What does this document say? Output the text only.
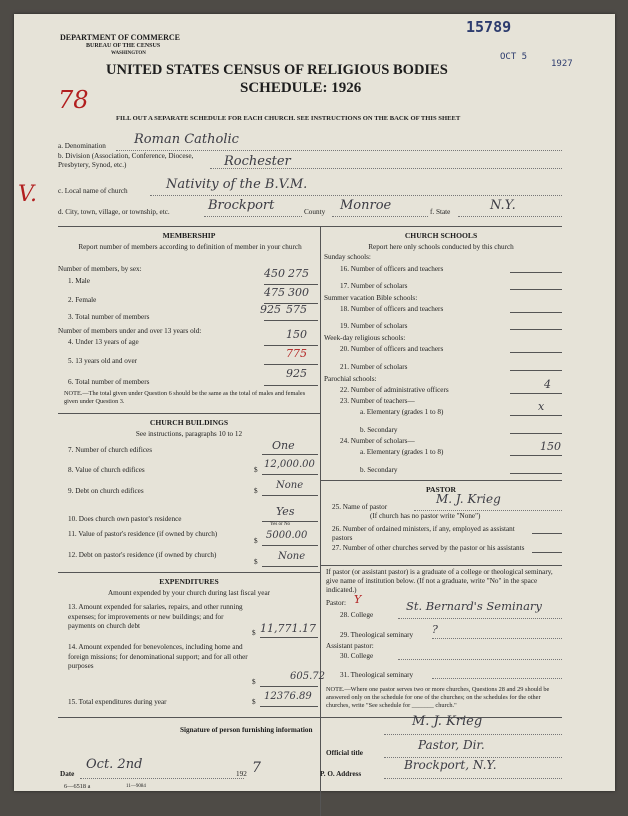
DEPARTMENT OF COMMERCE
BUREAU OF THE CENSUS
WASHINGTON
15789
OCT 5
1927
UNITED STATES CENSUS OF RELIGIOUS BODIES
SCHEDULE: 1926
78
FILL OUT A SEPARATE SCHEDULE FOR EACH CHURCH. SEE INSTRUCTIONS ON THE BACK OF THIS SHEET
a. Denomination Roman Catholic
b. Division (Association, Conference, Diocese, Presbytery, Synod, etc.)	Rochester
c. Local name of church	Nativity of the B.V.M.
V.
d. City, town, village, or township, etc.	Brockport	County Monroe	f. State	N.Y.
MEMBERSHIP
Report number of members according to definition of member in your church
Number of members, by sex:
1. Male
450 275
2. Female
475 300
3. Total number of members
925 575
Number of members under and over 13 years old:
4. Under 13 years of age
150
5. 13 years old and over
775
6. Total number of members
925
NOTE.—The total given under Question 6 should be the same as the total of males and females given under Question 3.
CHURCH BUILDINGS
See instructions, paragraphs 10 to 12
7. Number of church edifices	One
8. Value of church edifices	$ 12,000.00
9. Debt on church edifices	$ None
10. Does church own pastor's residence
Yes
Yes or No
11. Value of pastor's residence (if owned by church)
$ 5000.00
12. Debt on pastor's residence (if owned by church)
$ None
EXPENDITURES
Amount expended by your church during last fiscal year
13. Amount expended for salaries, repairs, and other running expenses; for improvements or new buildings; and for payments on church debt
$ 11,771.17
14. Amount expended for benevolences, including home and foreign missions; for denominational support; and for all other purposes
$	605.72
15. Total expenditures during year	$ 12376.89
CHURCH SCHOOLS
Report here only schools conducted by this church
Sunday schools:
16. Number of officers and teachers
17. Number of scholars
Summer vacation Bible schools:
18. Number of officers and teachers
19. Number of scholars
Week-day religious schools:
20. Number of officers and teachers
21. Number of scholars
Parochial schools:
22. Number of administrative officers	4
23. Number of teachers—
a. Elementary (grades 1 to 8)	x
b. Secondary
24. Number of scholars—
a. Elementary (grades 1 to 8)	150
b. Secondary
PASTOR
25. Name of pastor
M. J. Krieg
(If church has no pastor write "None")
26. Number of ordained ministers, if any, employed as assistant pastors
27. Number of other churches served by the pastor or his assistants
If pastor (or assistant pastor) is a graduate of a college or theological seminary, give name of institution below. (If not a graduate, write "No" in the space indicated.)
Pastor: Y
28. College
St. Bernard's Seminary
29. Theological seminary ?
Assistant pastor:
30. College
31. Theological seminary
NOTE.—Where one pastor serves two or more churches, Questions 28 and 29 should be answered only on the schedule for one of the churches; on the schedules for the other churches, write "See schedule for _______ church."
Signature of person furnishing information
M. J. Krieg
Official title
Pastor, Dir.
Date
Oct. 2nd
192 7	P. O. Address
Brockport, N.Y.
6—6518 a	11—9084
